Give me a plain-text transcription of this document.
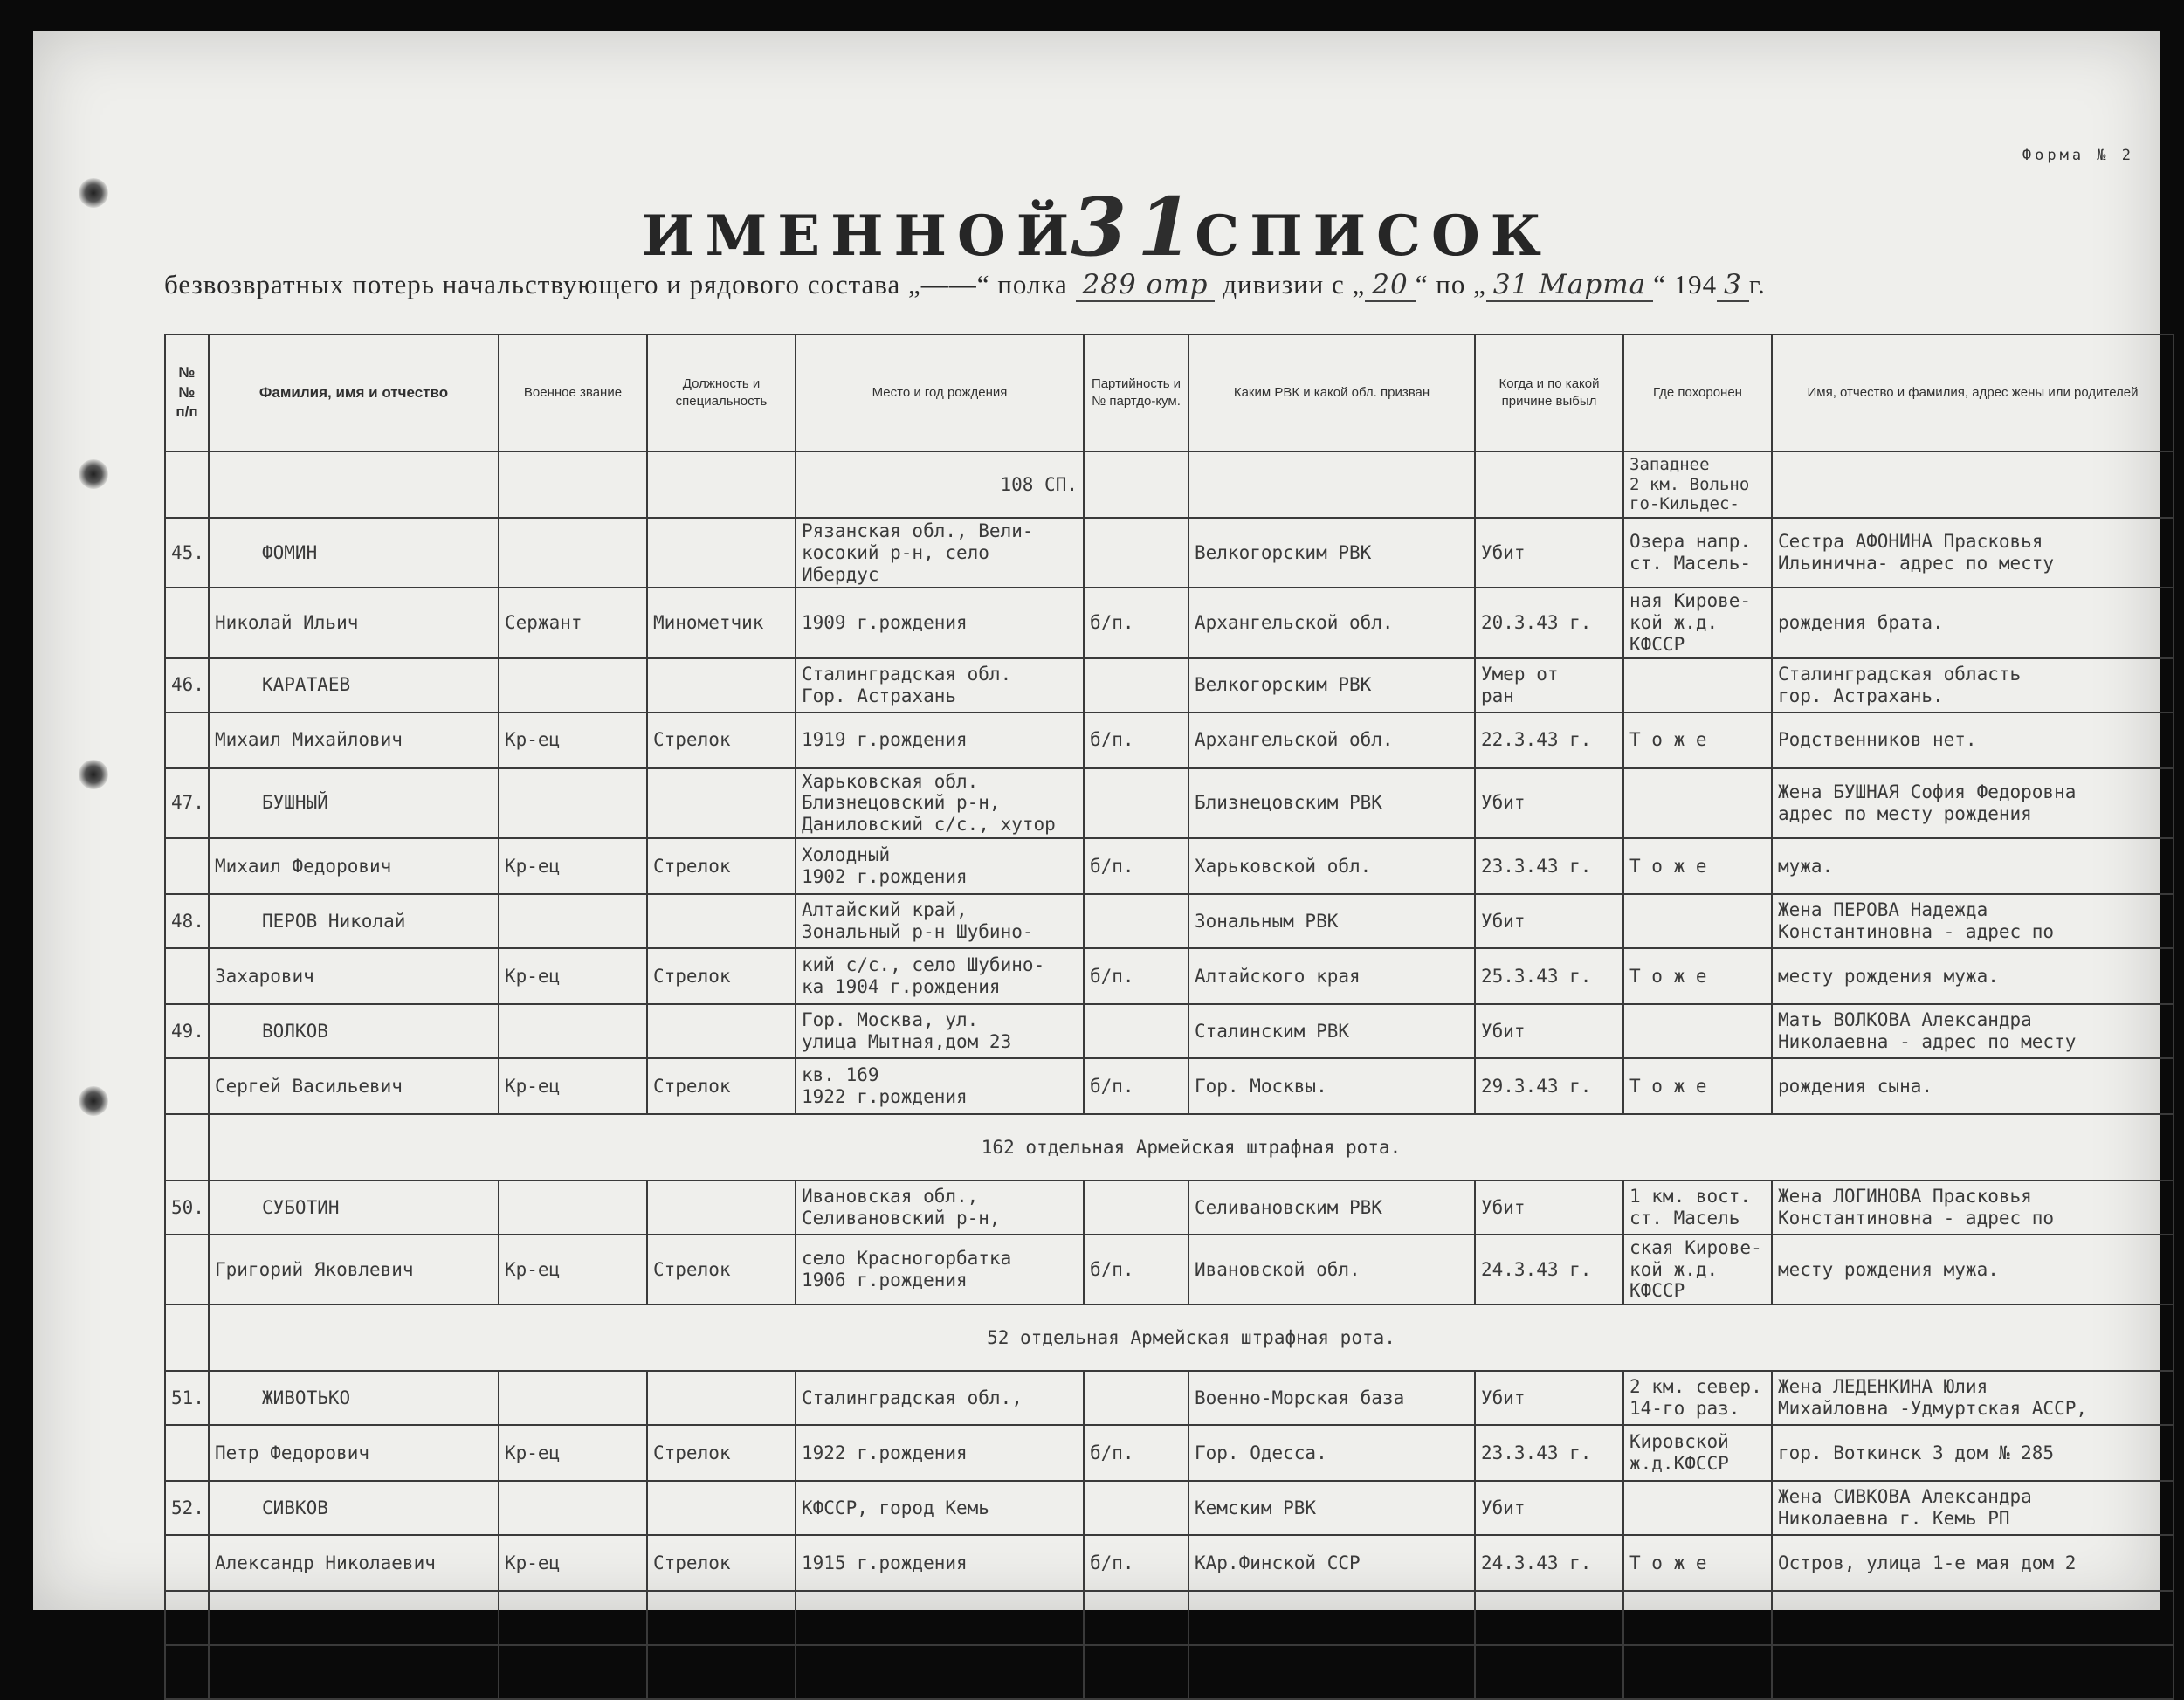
Форма № 2
ИМЕННОЙ31СПИСОК
безвозвратных потерь начальствующего и рядового состава „——“ полка 289 отр дивизии с „ 20 “ по „ 31 Марта “ 194 3 г.
№№ п/п	Фамилия, имя и отчество	Военное звание	Должность и специальность	Место и год рождения	Партийность и № партдо-кум.	Каким РВК и какой обл. призван	Когда и по какой причине выбыл	Где похоронен	Имя, отчество и фамилия, адрес жены или родителей
				108 СП.				Западнее
2 км. Вольно
го-Кильдес-	
45.	ФОМИН			Рязанская обл., Вели-
косокий р-н, село
Ибердус		Велкогорским РВК	Убит	Озера напр.
ст. Масель-	Сестра АФОНИНА Прасковья
Ильинична- адрес по месту
	Николай Ильич	Сержант	Минометчик	1909 г.рождения	б/п.	Архангельской обл.	20.3.43 г.	ная Кирове-
кой ж.д.
КФССР	рождения брата.
46.	КАРАТАЕВ			Сталинградская обл.
Гор. Астрахань		Велкогорским РВК	Умер от
ран		Сталинградская область
гор. Астрахань.
	Михаил Михайлович	Кр-ец	Стрелок	1919 г.рождения	б/п.	Архангельской обл.	22.3.43 г.	Т о ж е	Родственников нет.
47.	БУШНЫЙ			Харьковская обл.
Близнецовский р-н,
Даниловский с/с., хутор		Близнецовским РВК	Убит		Жена БУШНАЯ София Федоровна
адрес по месту рождения
	Михаил Федорович	Кр-ец	Стрелок	Холодный
1902 г.рождения	б/п.	Харьковской обл.	23.3.43 г.	Т о ж е	мужа.
48.	ПЕРОВ Николай			Алтайский край,
Зональный р-н Шубино-		Зональным РВК	Убит		Жена ПЕРОВА Надежда
Константиновна - адрес по
	Захарович	Кр-ец	Стрелок	кий с/с., село Шубино-
ка 1904 г.рождения	б/п.	Алтайского края	25.3.43 г.	Т о ж е	месту рождения мужа.
49.	ВОЛКОВ			Гор. Москва, ул.
улица Мытная,дом 23		Сталинским РВК	Убит		Мать ВОЛКОВА Александра
Николаевна - адрес по месту
	Сергей Васильевич	Кр-ец	Стрелок	кв. 169
1922 г.рождения	б/п.	Гор. Москвы.	29.3.43 г.	Т о ж е	рождения сына.
	162 отдельная Армейская штрафная рота.								
50.	СУБОТИН			Ивановская обл.,
Селивановский р-н,		Селивановским РВК	Убит	1 км. вост.
ст. Масель	Жена ЛОГИНОВА Прасковья
Константиновна - адрес по
	Григорий Яковлевич	Кр-ец	Стрелок	село Красногорбатка
1906 г.рождения	б/п.	Ивановской обл.	24.3.43 г.	ская Кирове-
кой ж.д.
КФССР	месту рождения мужа.
	52 отдельная Армейская штрафная рота.								
51.	ЖИВОТЬКО			Сталинградская обл.,		Военно-Морская база	Убит	2 км. север.
14-го раз.	Жена ЛЕДЕНКИНА Юлия
Михайловна -Удмуртская АССР,
	Петр Федорович	Кр-ец	Стрелок	1922 г.рождения	б/п.	Гор. Одесса.	23.3.43 г.	Кировской
ж.д.КФССР	гор. Воткинск 3 дом № 285
52.	СИВКОВ			КФССР, город Кемь		Кемским РВК	Убит		Жена СИВКОВА Александра
Николаевна г. Кемь РП
	Александр Николаевич	Кр-ец	Стрелок	1915 г.рождения	б/п.	КАр.Финской ССР	24.3.43 г.	Т о ж е	Остров, улица 1-е мая дом 2
